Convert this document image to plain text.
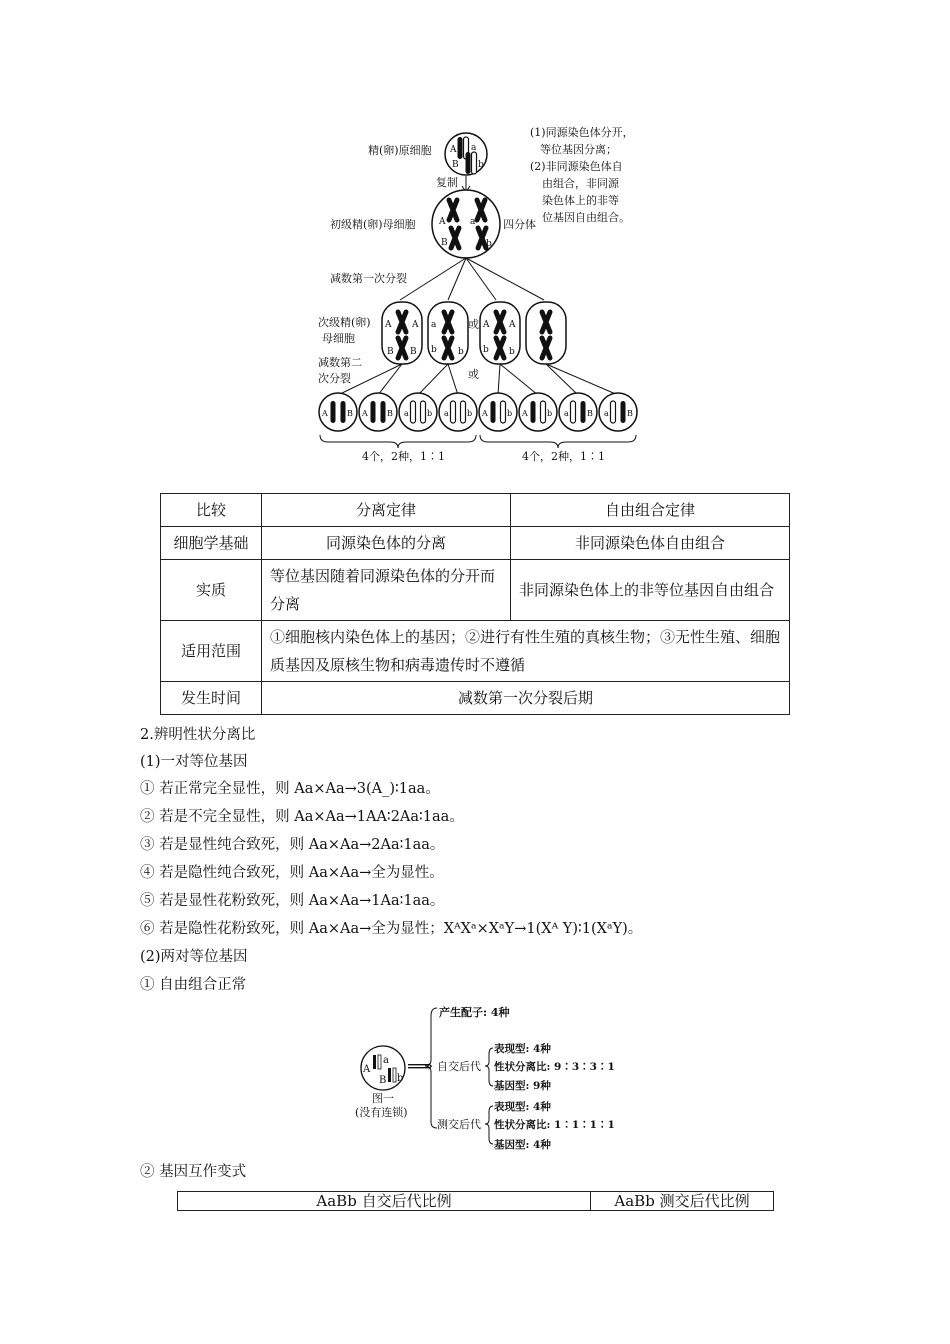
精(卵)原细胞 A a
B b
复制
(1)同源染色体分开，
等位基因分离；
(2)非同源染色体自
由组合，非同源
染色体上的非等
位基因自由组合。
初级精(卵)母细胞	A	a
B	b
四分体
减数第一次分裂
次级精(卵)
母细胞
A A
B B
a
b b
A A
b b
或
减数第二
次分裂	或
A B A B a b a b A b A b a B a B
4个，2种，1∶1	4个，2种，1∶1
比较	分离定律	自由组合定律
细胞学基础	同源染色体的分离	非同源染色体自由组合
实质	等位基因随着同源染色体的分开而分离	非同源染色体上的非等位基因自由组合
适用范围	①细胞核内染色体上的基因；②进行有性生殖的真核生物；③无性生殖、细胞质基因及原核生物和病毒遗传时不遵循	
发生时间	减数第一次分裂后期	
2.辨明性状分离比
(1)一对等位基因
① 若正常完全显性，则 Aa×Aa→3(A_)∶1aa。
② 若是不完全显性，则 Aa×Aa→1AA∶2Aa∶1aa。
③ 若是显性纯合致死，则 Aa×Aa→2Aa∶1aa。
④ 若是隐性纯合致死，则 Aa×Aa→全为显性。
⑤ 若是显性花粉致死，则 Aa×Aa→1Aa∶1aa。
⑥ 若是隐性花粉致死，则 Aa×Aa→全为显性；XᴬXᵃ×XᵃY→1(Xᴬ Y)∶1(XᵃY)。
(2)两对等位基因
① 自由组合正常
A
a
B b
图一
(没有连锁)
⟹
产生配子: 4种
自交后代
表现型: 4种
性状分离比: 9∶3∶3∶1
基因型: 9种
测交后代
表现型: 4种
性状分离比: 1∶1∶1∶1
基因型: 4种
② 基因互作变式
AaBb 自交后代比例	AaBb 测交后代比例
